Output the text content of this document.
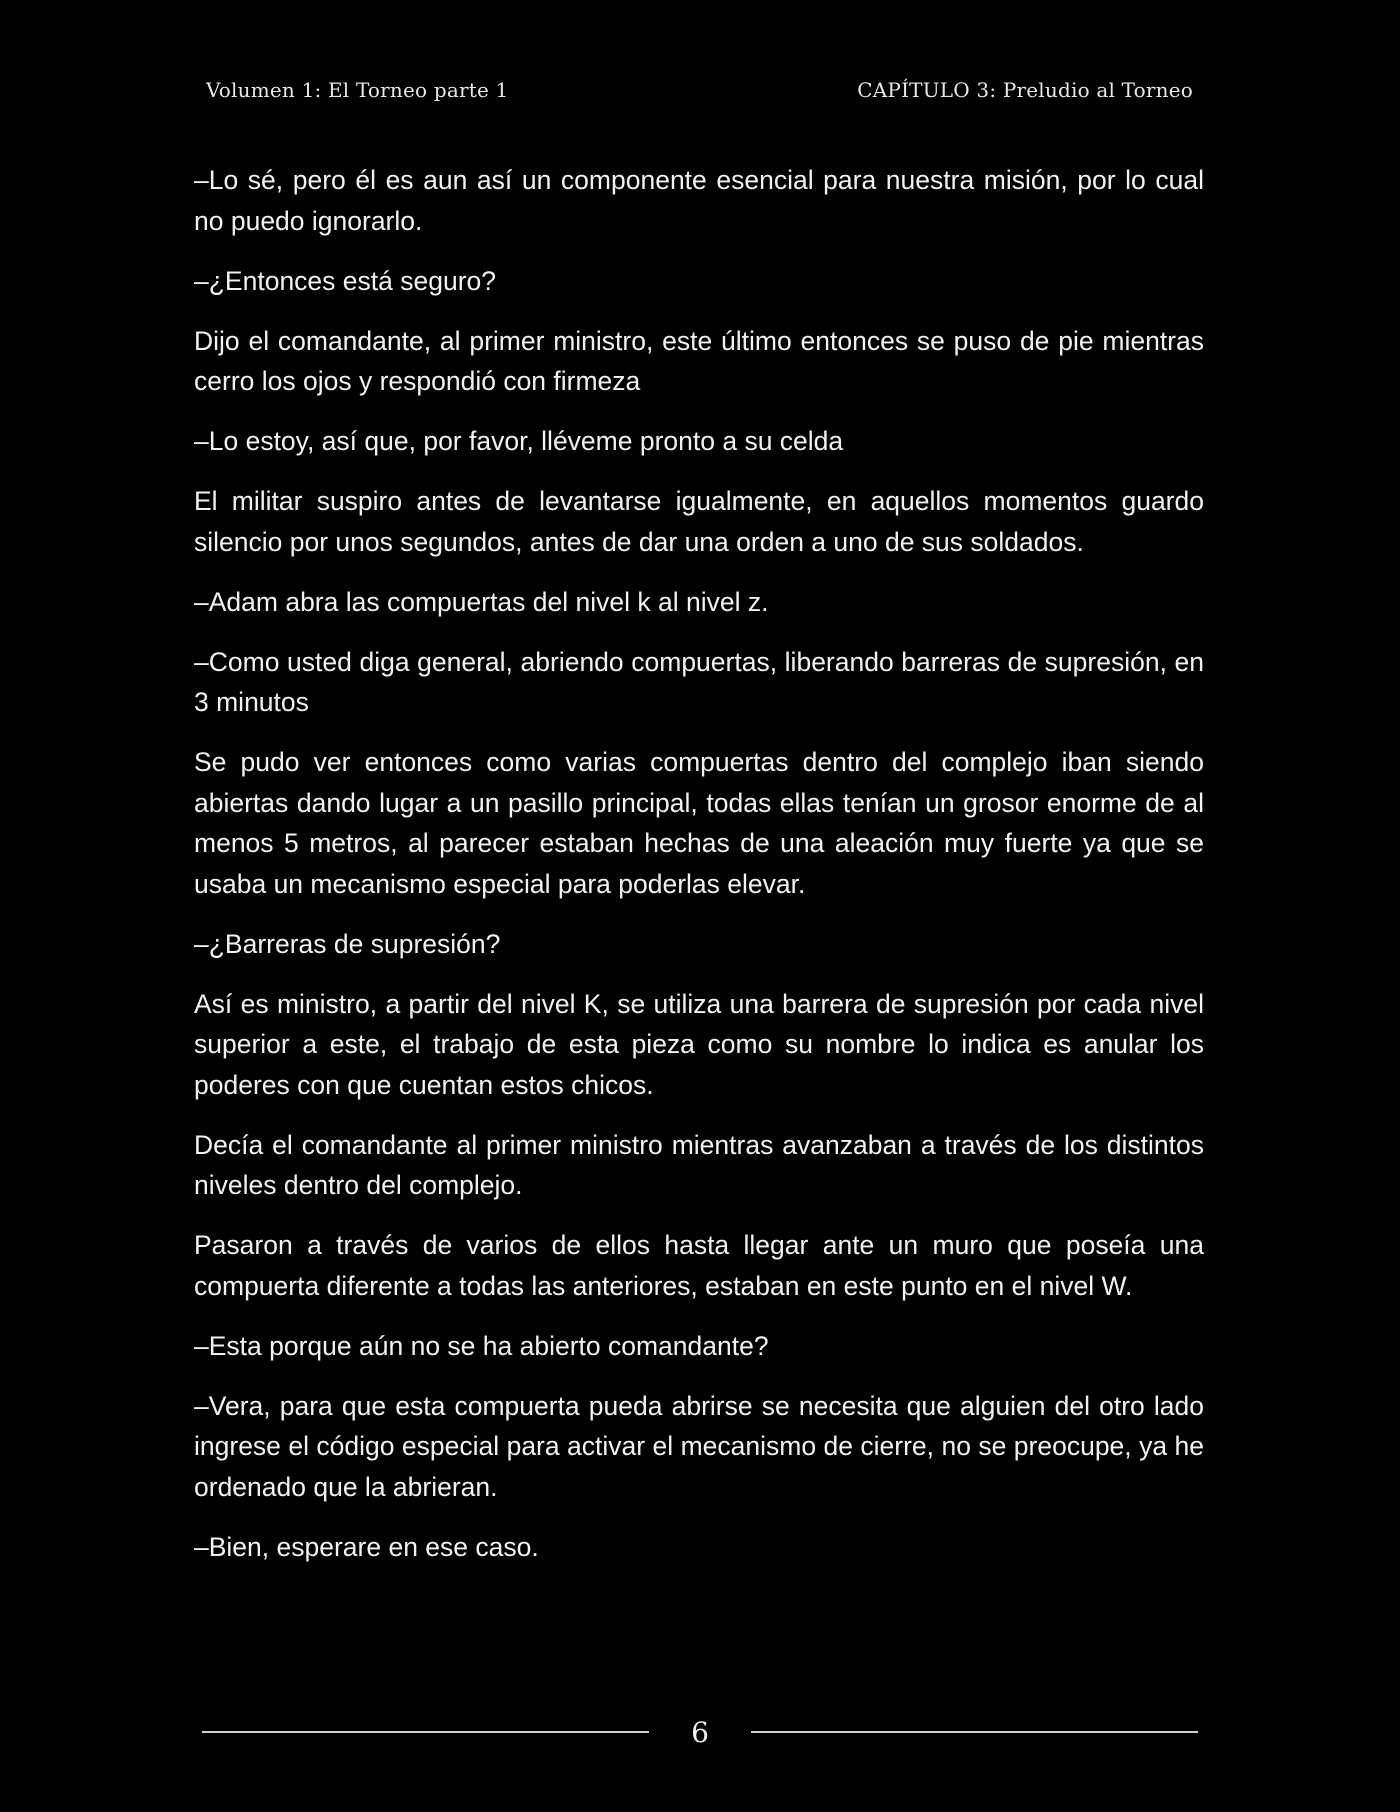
Volumen 1: El Torneo parte 1	CAPÍTULO 3: Preludio al Torneo

–Lo sé, pero él es aun así un componente esencial para nuestra misión, por lo cual no puedo ignorarlo.

–¿Entonces está seguro?

Dijo el comandante, al primer ministro, este último entonces se puso de pie mientras cerro los ojos y respondió con firmeza

–Lo estoy, así que, por favor, lléveme pronto a su celda

El militar suspiro antes de levantarse igualmente, en aquellos momentos guardo silencio por unos segundos, antes de dar una orden a uno de sus soldados.

–Adam abra las compuertas del nivel k al nivel z.

–Como usted diga general, abriendo compuertas, liberando barreras de supresión, en 3 minutos

Se pudo ver entonces como varias compuertas dentro del complejo iban siendo abiertas dando lugar a un pasillo principal, todas ellas tenían un grosor enorme de al menos 5 metros, al parecer estaban hechas de una aleación muy fuerte ya que se usaba un mecanismo especial para poderlas elevar.

–¿Barreras de supresión?

Así es ministro, a partir del nivel K, se utiliza una barrera de supresión por cada nivel superior a este, el trabajo de esta pieza como su nombre lo indica es anular los poderes con que cuentan estos chicos.

Decía el comandante al primer ministro mientras avanzaban a través de los distintos niveles dentro del complejo.

Pasaron a través de varios de ellos hasta llegar ante un muro que poseía una compuerta diferente a todas las anteriores, estaban en este punto en el nivel W.

–Esta porque aún no se ha abierto comandante?

–Vera, para que esta compuerta pueda abrirse se necesita que alguien del otro lado ingrese el código especial para activar el mecanismo de cierre, no se preocupe, ya he ordenado que la abrieran.

–Bien, esperare en ese caso.

6
